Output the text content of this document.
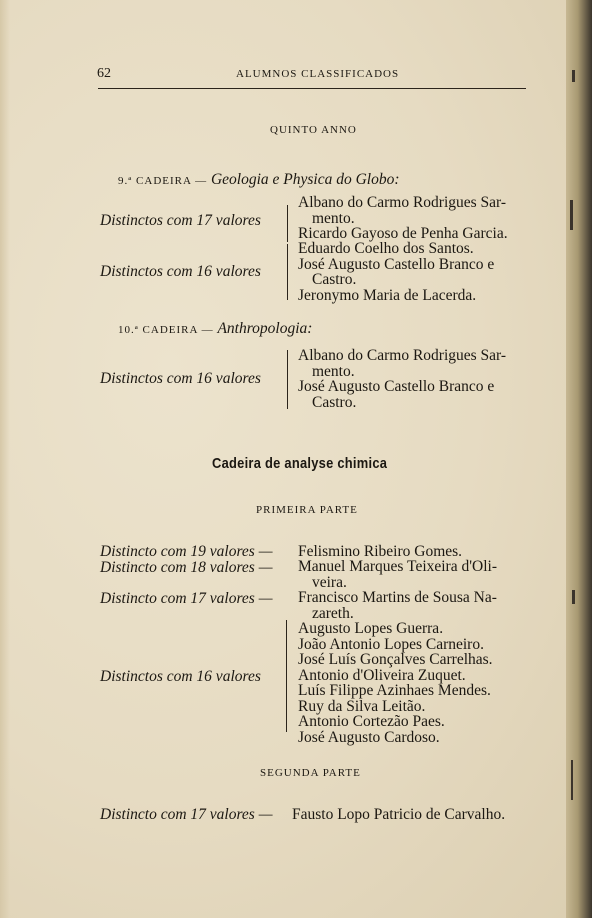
62	ALUMNOS CLASSIFICADOS
QUINTO ANNO
9.ª CADEIRA — Geologia e Physica do Globo:
Distinctos com 17 valores
Albano do Carmo Rodrigues Sar-
mento.
Ricardo Gayoso de Penha Garcia.
Distinctos com 16 valores
Eduardo Coelho dos Santos.
José Augusto Castello Branco e
Castro.
Jeronymo Maria de Lacerda.
10.ª CADEIRA — Anthropologia:
Distinctos com 16 valores
Albano do Carmo Rodrigues Sar-
mento.
José Augusto Castello Branco e
Castro.
Cadeira de analyse chimica
PRIMEIRA PARTE
Distincto com 19 valores — Felismino Ribeiro Gomes.
Distincto com 18 valores — Manuel Marques Teixeira d'Oli-
veira.
Distincto com 17 valores — Francisco Martins de Sousa Na-
zareth.
Distinctos com 16 valores
Augusto Lopes Guerra.
João Antonio Lopes Carneiro.
José Luís Gonçalves Carrelhas.
Antonio d'Oliveira Zuquet.
Luís Filippe Azinhaes Mendes.
Ruy da Silva Leitão.
Antonio Cortezão Paes.
José Augusto Cardoso.
SEGUNDA PARTE
Distincto com 17 valores — Fausto Lopo Patricio de Carvalho.
